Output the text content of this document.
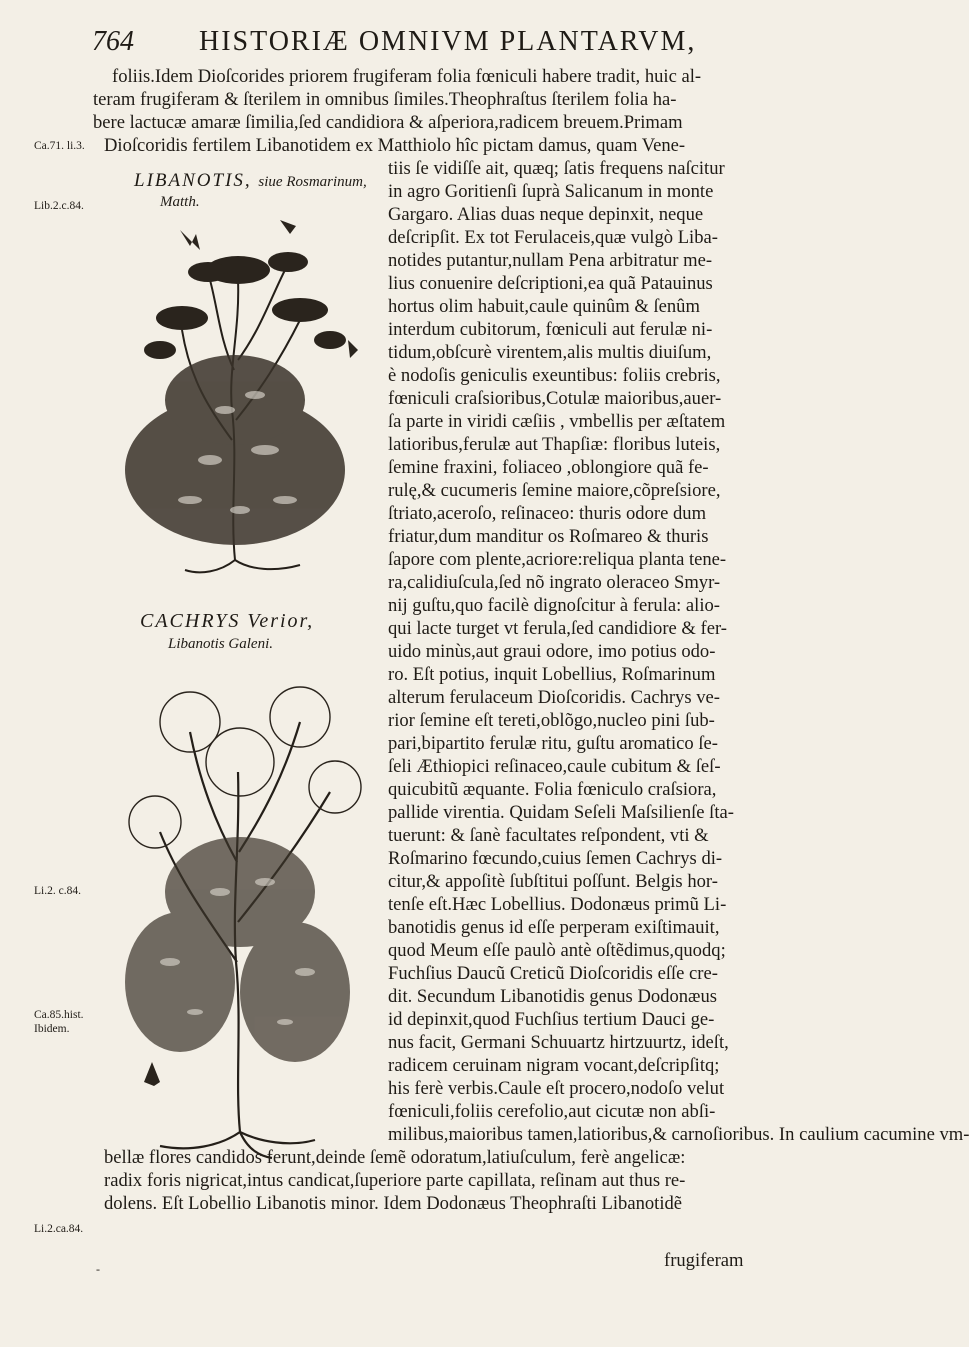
764 HISTORIÆ OMNIVM PLANTARVM,
foliis.Idem Dioſcorides priorem frugiferam folia fœniculi habere tradit, huic al-
teram frugiferam & ſterilem in omnibus ſimiles.Theophraſtus ſterilem folia ha-
bere lactucæ amaræ ſimilia,ſed candidiora & aſperiora,radicem breuem.Primam
Dioſcoridis fertilem Libanotidem ex Matthiolo hîc pictam damus, quam Vene-
tiis ſe vidiſſe ait, quæq; ſatis frequens naſcitur
in agro Goritienſi ſuprà Salicanum in monte
Gargaro. Alias duas neque depinxit, neque
deſcripſit. Ex tot Ferulaceis,quæ vulgò Liba-
notides putantur,nullam Pena arbitratur me-
lius conuenire deſcriptioni,ea quã Patauinus
hortus olim habuit,caule quinûm & ſenûm
interdum cubitorum, fœniculi aut ferulæ ni-
tidum,obſcurè virentem,alis multis diuiſum,
è nodoſis geniculis exeuntibus: foliis crebris,
fœniculi craſsioribus,Cotulæ maioribus,auer-
ſa parte in viridi cæſiis , vmbellis per æſtatem
latioribus,ferulæ aut Thapſiæ: floribus luteis,
ſemine fraxini, foliaceo ,oblongiore quã fe-
rulę,& cucumeris ſemine maiore,cõpreſsiore,
ſtriato,aceroſo, reſinaceo: thuris odore dum
friatur,dum manditur os Roſmareo & thuris
ſapore com plente,acriore:reliqua planta tene-
ra,calidiuſcula,ſed nõ ingrato oleraceo Smyr-
nij guſtu,quo facilè dignoſcitur à ferula: alio-
qui lacte turget vt ferula,ſed candidiore & fer-
uido minùs,aut graui odore, imo potius odo-
ro. Eſt potius, inquit Lobellius, Roſmarinum
alterum ferulaceum Dioſcoridis. Cachrys ve-
rior ſemine eſt tereti,oblõgo,nucleo pini ſub-
pari,bipartito ferulæ ritu, guſtu aromatico ſe-
ſeli Æthiopici reſinaceo,caule cubitum & ſeſ-
quicubitũ æquante. Folia fœniculo craſsiora,
pallide virentia. Quidam Seſeli Maſsilienſe ſta-
tuerunt: & ſanè facultates reſpondent, vti &
Roſmarino fœcundo,cuius ſemen Cachrys di-
citur,& appoſitè ſubſtitui poſſunt. Belgis hor-
tenſe eſt.Hæc Lobellius. Dodonæus primũ Li-
banotidis genus id eſſe perperam exiſtimauit,
quod Meum eſſe paulò antè oſtẽdimus,quodq;
Fuchſius Daucũ Creticũ Dioſcoridis eſſe cre-
dit. Secundum Libanotidis genus Dodonæus
id depinxit,quod Fuchſius tertium Dauci ge-
nus facit, Germani Schuuartz hirtzuurtz, ideſt,
radicem ceruinam nigram vocant,deſcripſitq;
his ferè verbis.Caule eſt procero,nodoſo velut
fœniculi,foliis cerefolio,aut cicutæ non abſi-
milibus,maioribus tamen,latioribus,& carnoſioribus. In caulium cacumine vm-
bellæ flores candidos ferunt,deinde ſemẽ odoratum,latiuſculum, ferè angelicæ:
radix foris nigricat,intus candicat,ſuperiore parte capillata, reſinam aut thus re-
dolens. Eſt Lobellio Libanotis minor. Idem Dodonæus Theophraſti Libanotidẽ
frugiferam
-
Ca.71. li.3.
Lib.2.c.84.
Li.2. c.84.
Ca.85.hist.
Ibidem.
Li.2.ca.84.
LIBANOTIS, siue Rosmarinum,
Matth.
CACHRYS Verior,
Libanotis Galeni.
